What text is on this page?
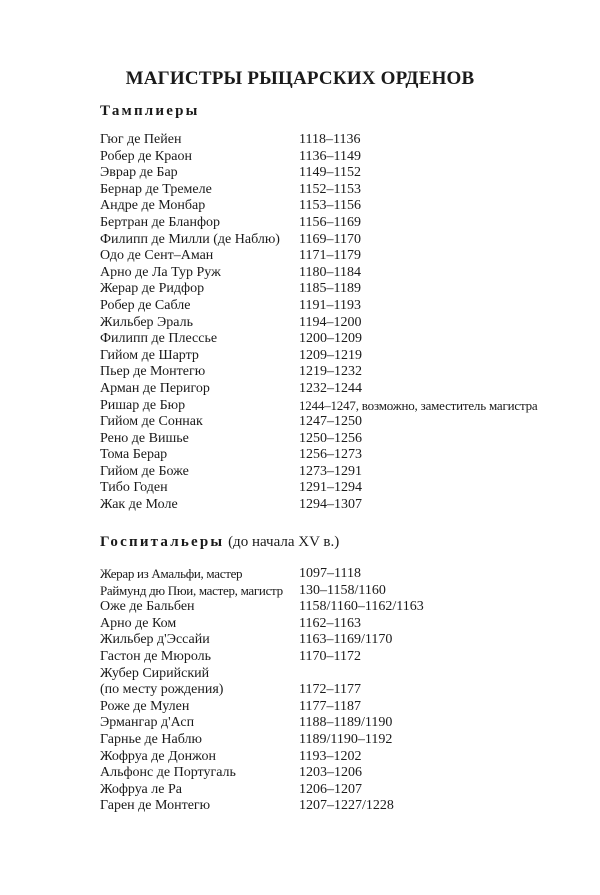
МАГИСТРЫ РЫЦАРСКИХ ОРДЕНОВ
Тамплиеры
Гюг де Пейен	1118–1136
Робер де Краон	1136–1149
Эврар де Бар	1149–1152
Бернар де Тремеле	1152–1153
Андре де Монбар	1153–1156
Бертран де Бланфор	1156–1169
Филипп де Милли (де Наблю) 1169–1170
Одо де Сент–Аман	1171–1179
Арно де Ла Тур Руж	1180–1184
Жерар де Ридфор	1185–1189
Робер де Сабле	1191–1193
Жильбер Эраль	1194–1200
Филипп де Плессье	1200–1209
Гийом де Шартр	1209–1219
Пьер де Монтегю	1219–1232
Арман де Перигор	1232–1244
Ришар де Бюр	1244–1247, возможно, заместитель магистра
Гийом де Соннак	1247–1250
Рено де Вишье	1250–1256
Тома Берар	1256–1273
Гийом де Боже	1273–1291
Тибо Годен	1291–1294
Жак де Моле	1294–1307
Госпитальеры (до начала XV в.)
Жерар из Амальфи, мастер	1097–1118
Раймунд дю Пюи, мастер, магистр 130–1158/1160
Оже де Бальбен	1158/1160–1162/1163
Арно де Ком	1162–1163
Жильбер д'Эссайи	1163–1169/1170
Гастон де Мюроль	1170–1172
Жубер Сирийский
(по месту рождения)	1172–1177
Роже де Мулен	1177–1187
Эрмангар д'Асп	1188–1189/1190
Гарнье де Наблю	1189/1190–1192
Жофруа де Донжон	1193–1202
Альфонс де Португаль	1203–1206
Жофруа ле Ра	1206–1207
Гарен де Монтегю	1207–1227/1228
